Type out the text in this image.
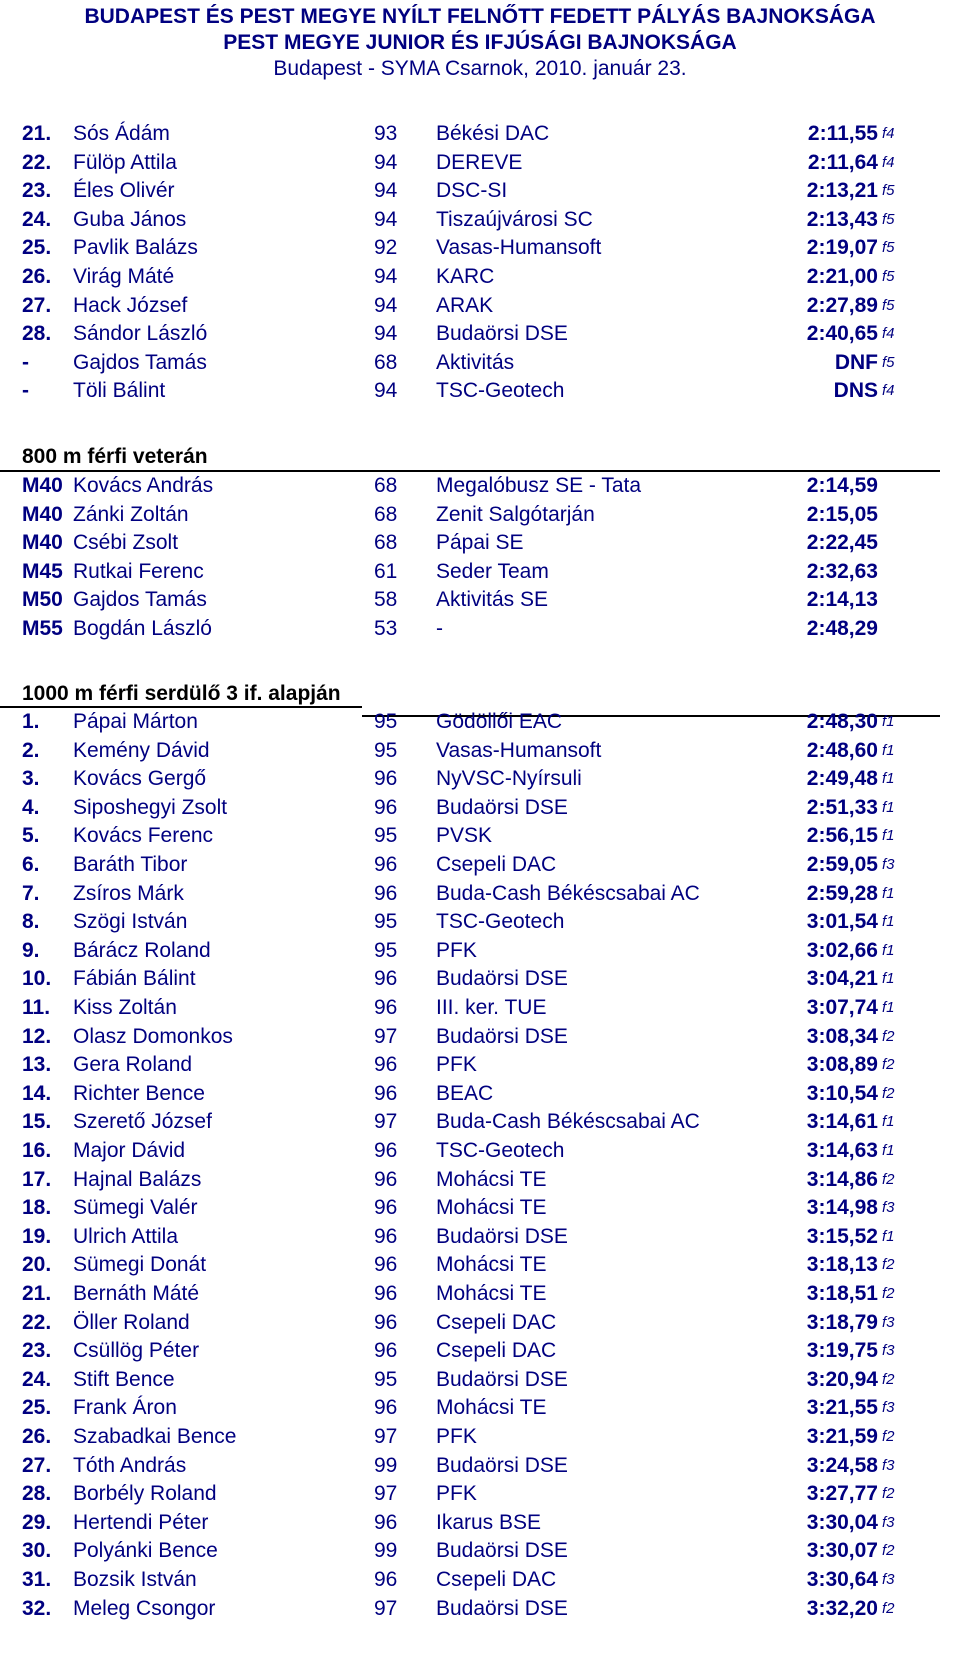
BUDAPEST ÉS PEST MEGYE NYÍLT FELNŐTT FEDETT PÁLYÁS BAJNOKSÁGA
PEST MEGYE JUNIOR ÉS IFJÚSÁGI BAJNOKSÁGA
Budapest - SYMA Csarnok, 2010. január 23.
21. Sós Ádám	93 Békési DAC	2:11,55 f4
22. Fülöp Attila	94 DEREVE	2:11,64 f4
23. Éles Olivér	94 DSC-SI	2:13,21 f5
24. Guba János	94 Tiszaújvárosi SC	2:13,43 f5
25. Pavlik Balázs	92 Vasas-Humansoft	2:19,07 f5
26. Virág Máté	94 KARC	2:21,00 f5
27. Hack József	94 ARAK	2:27,89 f5
28. Sándor László	94 Budaörsi DSE	2:40,65 f4
- Gajdos Tamás	68 Aktivitás	DNF f5
- Töli Bálint	94 TSC-Geotech	DNS f4
800 m férfi veterán
M40 Kovács András	68 Megalóbusz SE - Tata	2:14,59
M40 Zánki Zoltán	68 Zenit Salgótarján	2:15,05
M40 Csébi Zsolt	68 Pápai SE	2:22,45
M45 Rutkai Ferenc	61 Seder Team	2:32,63
M50 Gajdos Tamás	58 Aktivitás SE	2:14,13
M55 Bogdán László	53 -	2:48,29
1000 m férfi serdülő 3 if. alapján
1. Pápai Márton	95 Gödöllői EAC	2:48,30 f1
2. Kemény Dávid	95 Vasas-Humansoft	2:48,60 f1
3. Kovács Gergő	96 NyVSC-Nyírsuli	2:49,48 f1
4. Siposhegyi Zsolt	96 Budaörsi DSE	2:51,33 f1
5. Kovács Ferenc	95 PVSK	2:56,15 f1
6. Baráth Tibor	96 Csepeli DAC	2:59,05 f3
7. Zsíros Márk	96 Buda-Cash Békéscsabai AC	2:59,28 f1
8. Szögi István	95 TSC-Geotech	3:01,54 f1
9. Bárácz Roland	95 PFK	3:02,66 f1
10. Fábián Bálint	96 Budaörsi DSE	3:04,21 f1
11. Kiss Zoltán	96 III. ker. TUE	3:07,74 f1
12. Olasz Domonkos	97 Budaörsi DSE	3:08,34 f2
13. Gera Roland	96 PFK	3:08,89 f2
14. Richter Bence	96 BEAC	3:10,54 f2
15. Szerető József	97 Buda-Cash Békéscsabai AC	3:14,61 f1
16. Major Dávid	96 TSC-Geotech	3:14,63 f1
17. Hajnal Balázs	96 Mohácsi TE	3:14,86 f2
18. Sümegi Valér	96 Mohácsi TE	3:14,98 f3
19. Ulrich Attila	96 Budaörsi DSE	3:15,52 f1
20. Sümegi Donát	96 Mohácsi TE	3:18,13 f2
21. Bernáth Máté	96 Mohácsi TE	3:18,51 f2
22. Öller Roland	96 Csepeli DAC	3:18,79 f3
23. Csüllög Péter	96 Csepeli DAC	3:19,75 f3
24. Stift Bence	95 Budaörsi DSE	3:20,94 f2
25. Frank Áron	96 Mohácsi TE	3:21,55 f3
26. Szabadkai Bence	97 PFK	3:21,59 f2
27. Tóth András	99 Budaörsi DSE	3:24,58 f3
28. Borbély Roland	97 PFK	3:27,77 f2
29. Hertendi Péter	96 Ikarus BSE	3:30,04 f3
30. Polyánki Bence	99 Budaörsi DSE	3:30,07 f2
31. Bozsik István	96 Csepeli DAC	3:30,64 f3
32. Meleg Csongor	97 Budaörsi DSE	3:32,20 f2
